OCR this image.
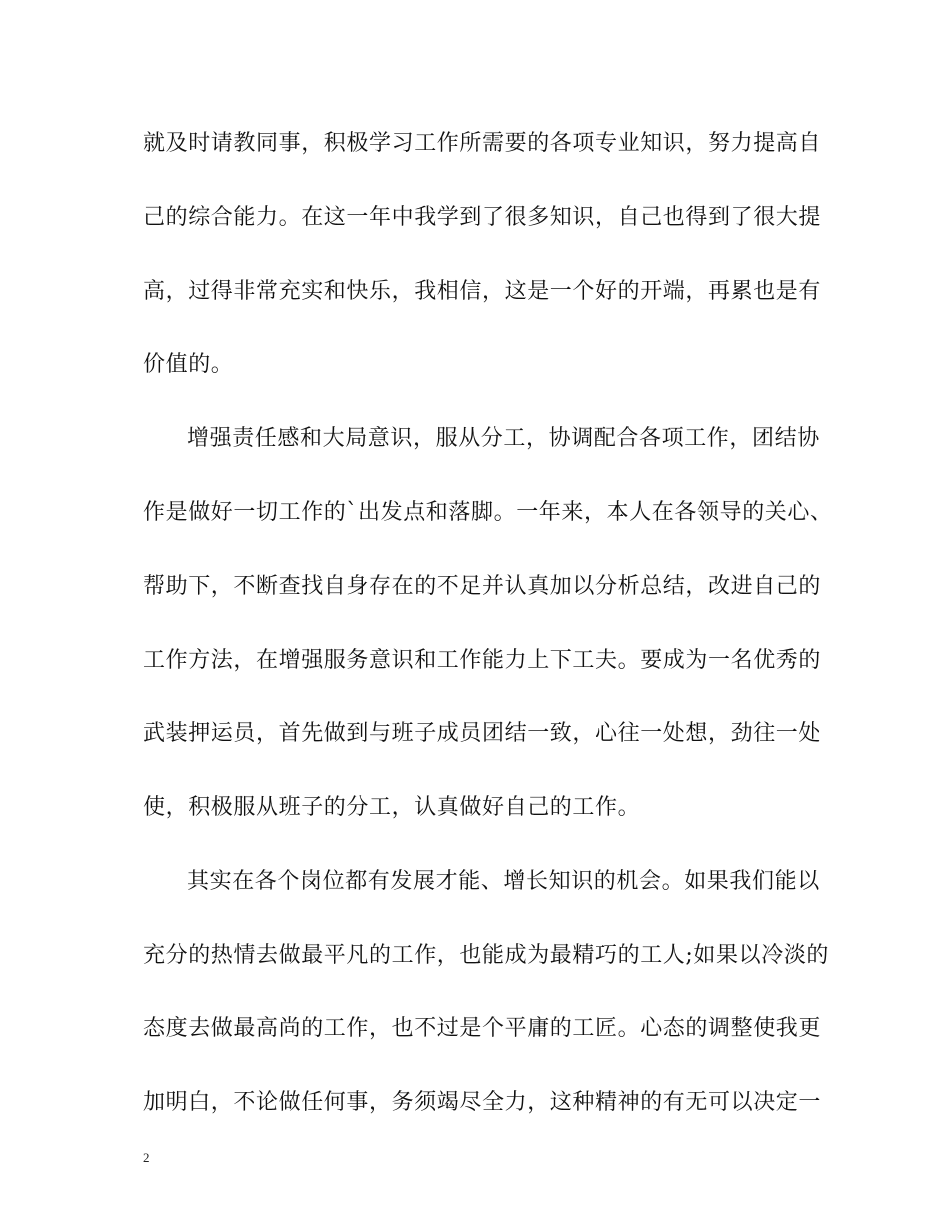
就及时请教同事，积极学习工作所需要的各项专业知识，努力提高自
己的综合能力。在这一年中我学到了很多知识，自己也得到了很大提
高，过得非常充实和快乐，我相信，这是一个好的开端，再累也是有
价值的。
增强责任感和大局意识，服从分工，协调配合各项工作，团结协
作是做好一切工作的`出发点和落脚。一年来，本人在各领导的关心、
帮助下，不断查找自身存在的不足并认真加以分析总结，改进自己的
工作方法，在增强服务意识和工作能力上下工夫。要成为一名优秀的
武装押运员，首先做到与班子成员团结一致，心往一处想，劲往一处
使，积极服从班子的分工，认真做好自己的工作。
其实在各个岗位都有发展才能、增长知识的机会。如果我们能以
充分的热情去做最平凡的工作，也能成为最精巧的工人;如果以冷淡的
态度去做最高尚的工作，也不过是个平庸的工匠。心态的调整使我更
加明白，不论做任何事，务须竭尽全力，这种精神的有无可以决定一
2
